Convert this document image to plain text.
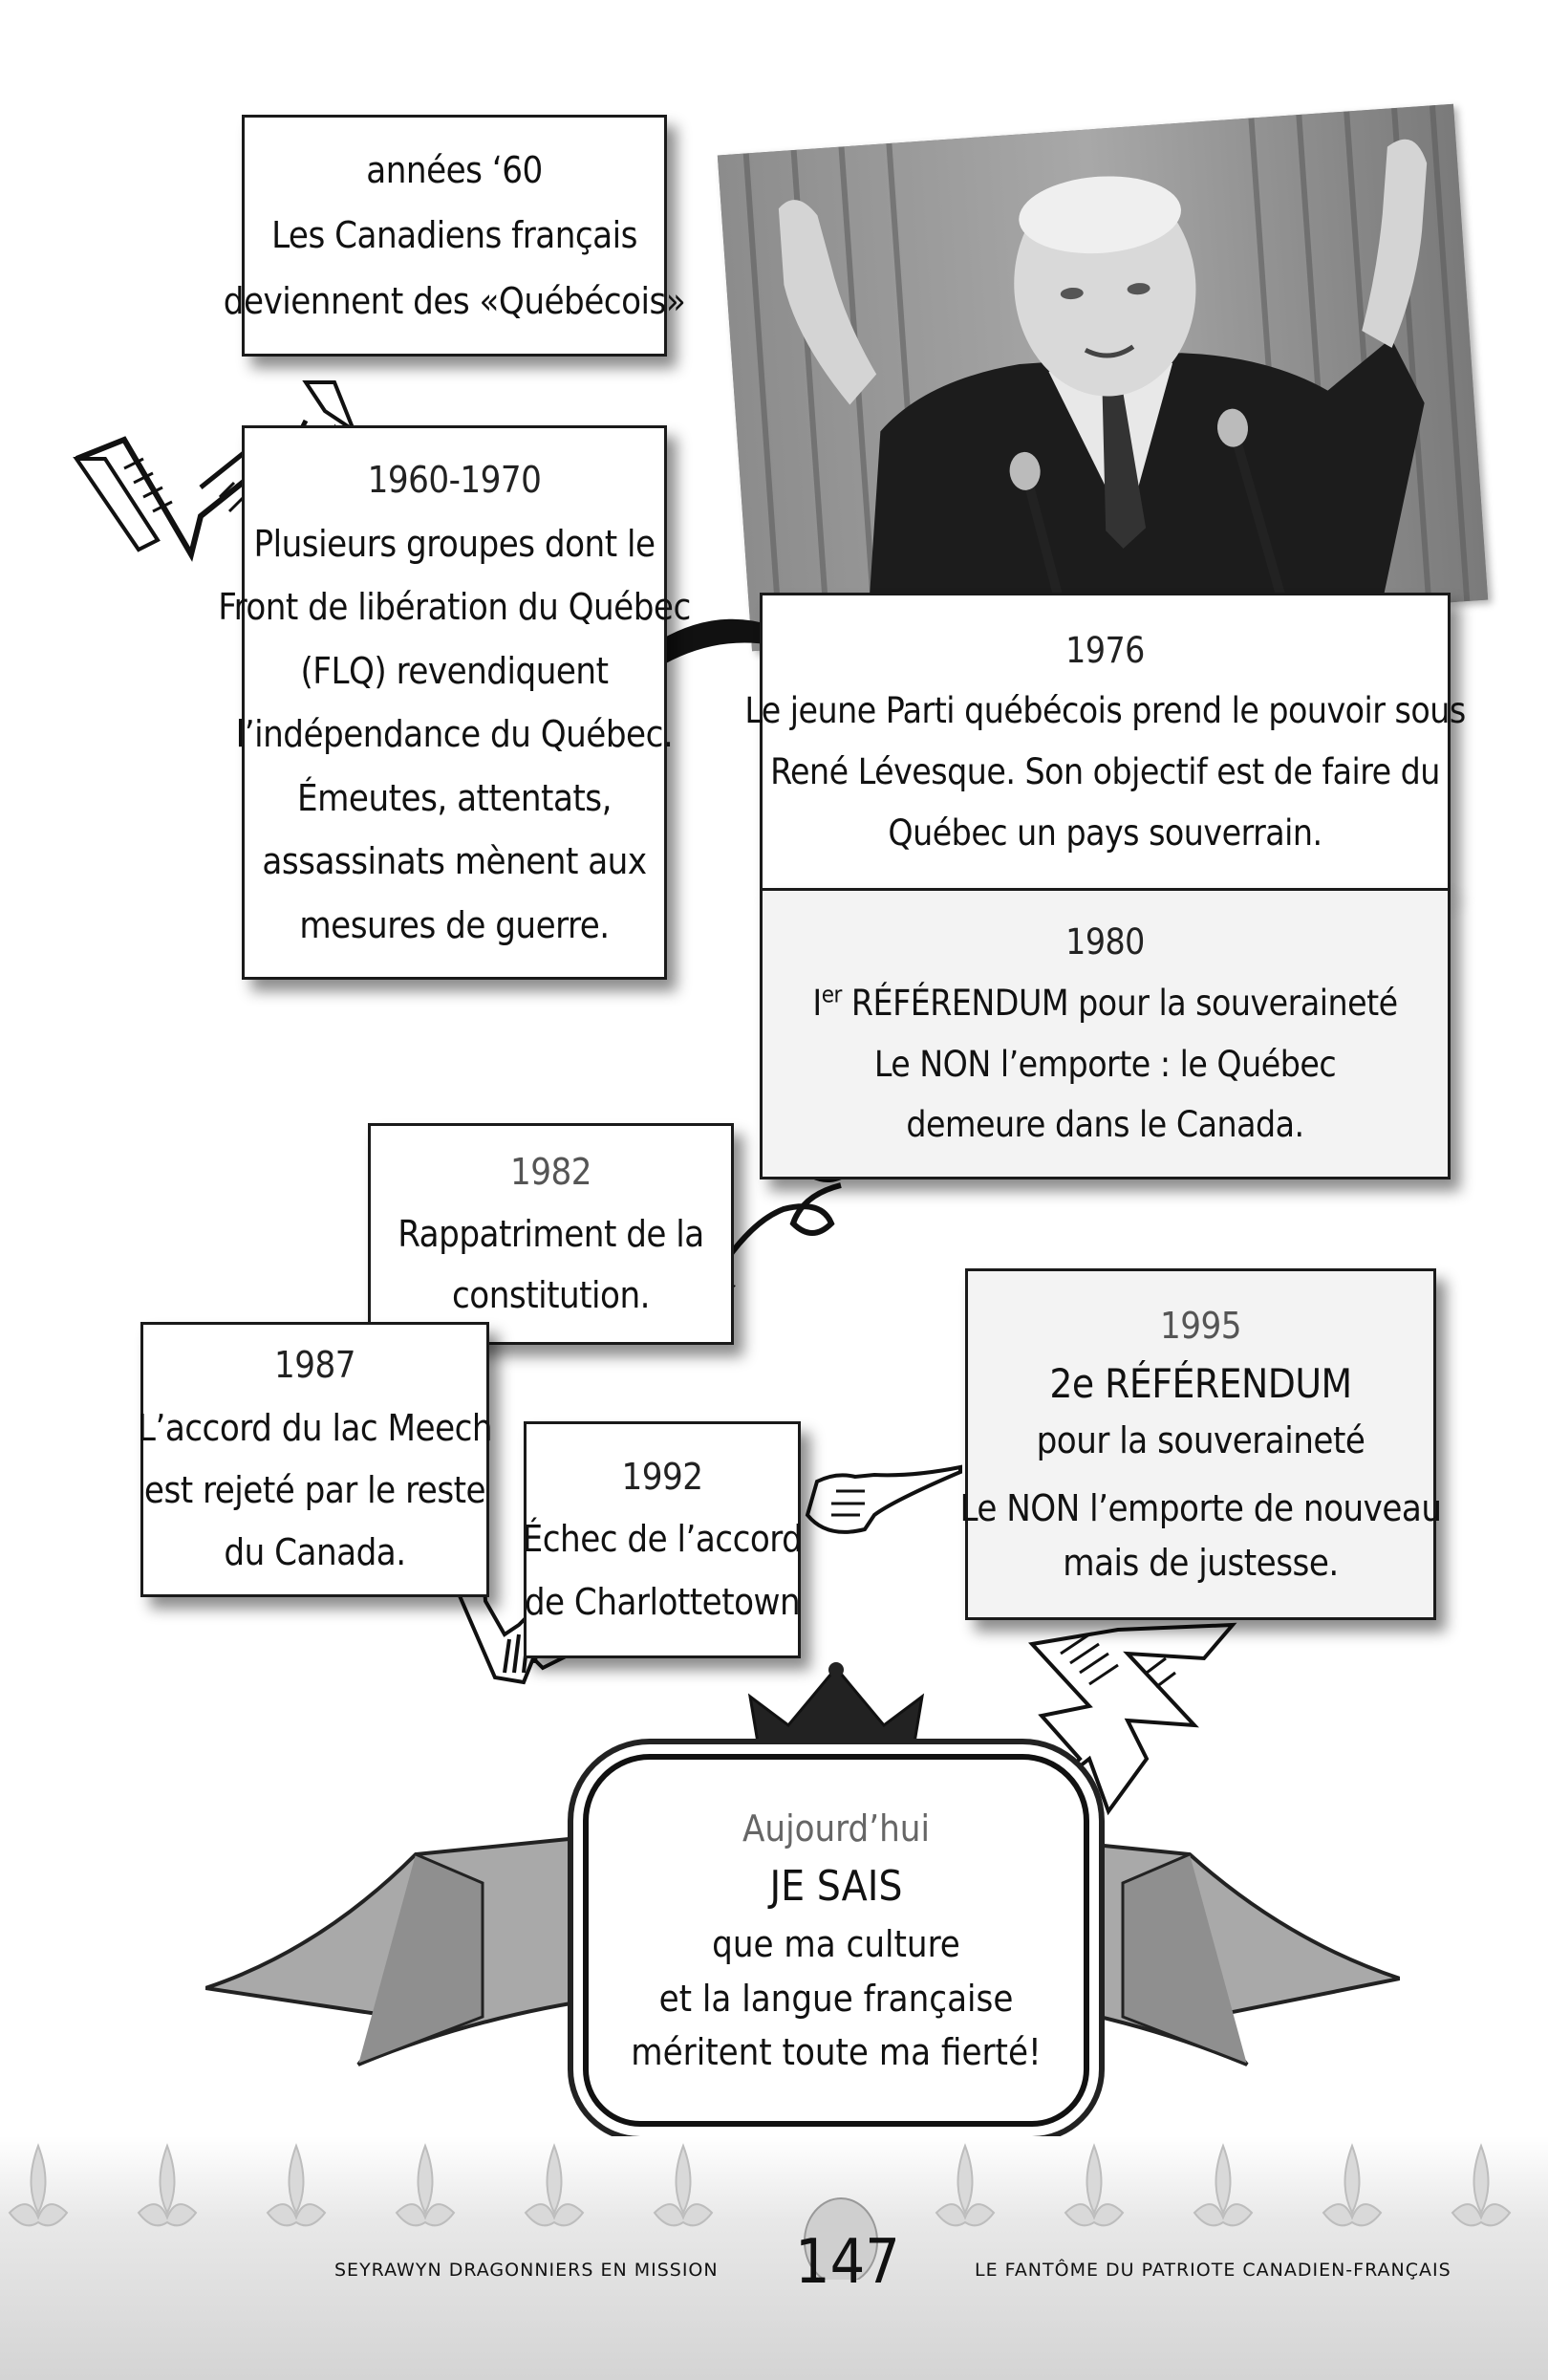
années ‘60
Les Canadiens français
deviennent des «Québécois»
1960-1970
Plusieurs groupes dont le
Front de libération du Québec
(FLQ) revendiquent
l’indépendance du Québec.
Émeutes, attentats,
assassinats mènent aux
mesures de guerre.
1976
Le jeune Parti québécois prend le pouvoir sous
René Lévesque. Son objectif est de faire du
Québec un pays souverrain.
1980
Ier RÉFÉRENDUM pour la souveraineté
Le NON l’emporte : le Québec
demeure dans le Canada.
1982
Rappatriment de la
constitution.
1987
L’accord du lac Meech
est rejeté par le reste
du Canada.
1992
Échec de l’accord
de Charlottetown
1995
2e RÉFÉRENDUM
pour la souveraineté
Le NON l’emporte de nouveau
mais de justesse.
Aujourd’hui
JE SAIS
que ma culture
et la langue française
méritent toute ma fierté!
SEYRAWYN DRAGONNIERS EN MISSION 147	LE FANTÔME DU PATRIOTE CANADIEN-FRANÇAIS
